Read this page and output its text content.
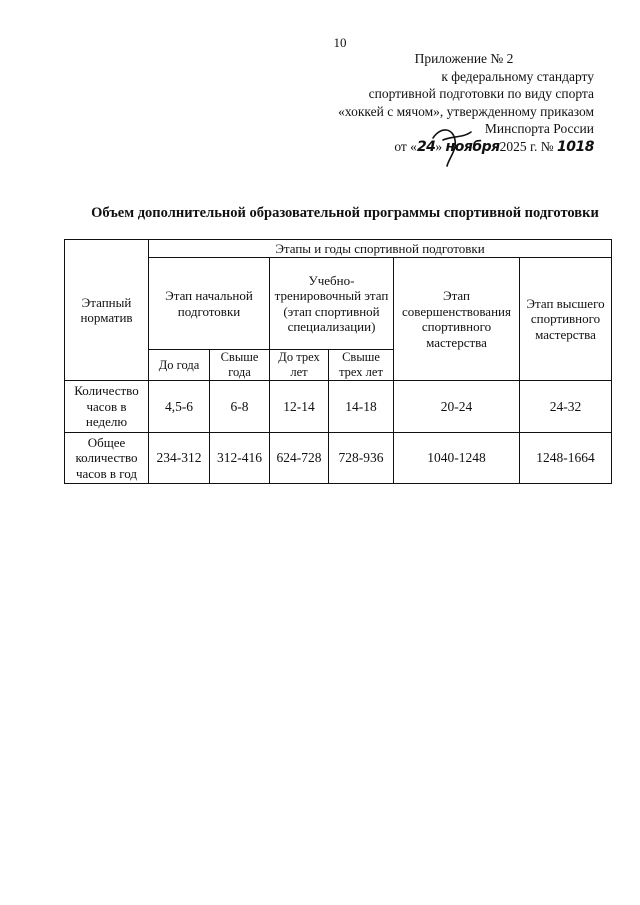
10
Приложение № 2
к федеральному стандарту
спортивной подготовки по виду спорта
«хоккей с мячом», утвержденному приказом
Минспорта России
от «24» ноября2025 г. № 1018
Объем дополнительной образовательной программы спортивной подготовки
Этапный норматив	Этапы и годы спортивной подготовки					
	Этап начальной подготовки		Учебно-тренировочный этап (этап спортивной специализации)		Этап совершенствования спортивного мастерства	Этап высшего спортивного мастерства
	До года	Свыше года	До трех лет	Свыше трех лет		
Количество часов в неделю	4,5-6	6-8	12-14	14-18	20-24	24-32
Общее количество часов в год	234-312	312-416	624-728	728-936	1040-1248	1248-1664
